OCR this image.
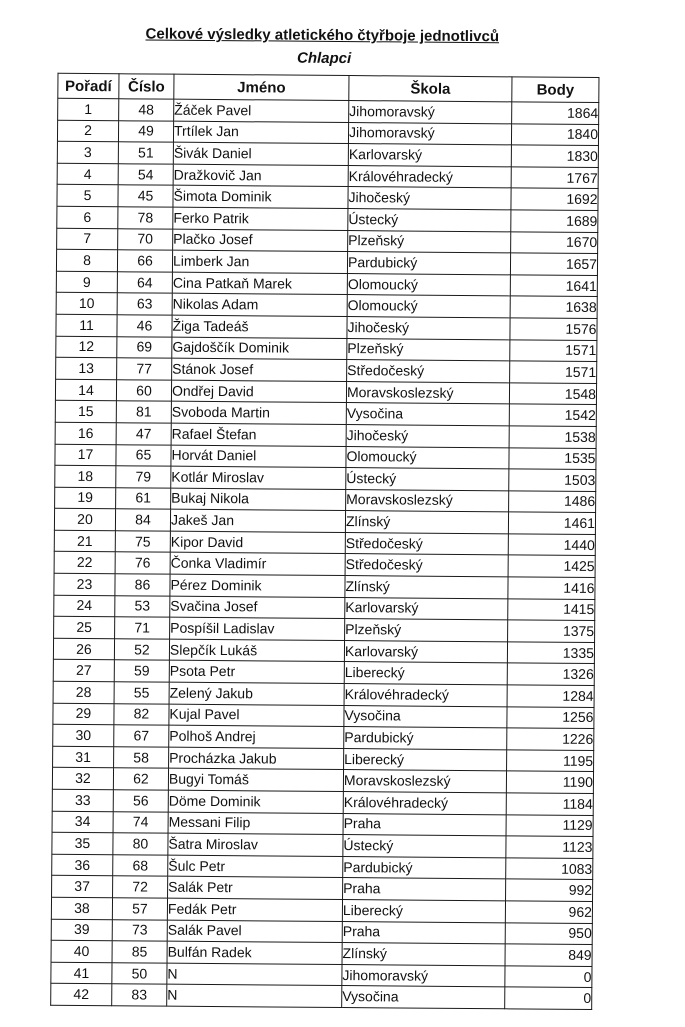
Celkové výsledky atletického čtyřboje jednotlivců
Chlapci
Pořadí	Číslo	Jméno	Škola	Body
1	48	Žáček Pavel	Jihomoravský	1864
2	49	Trtílek Jan	Jihomoravský	1840
3	51	Šivák Daniel	Karlovarský	1830
4	54	Dražkovič Jan	Královéhradecký	1767
5	45	Šimota Dominik	Jihočeský	1692
6	78	Ferko Patrik	Ústecký	1689
7	70	Plačko Josef	Plzeňský	1670
8	66	Limberk Jan	Pardubický	1657
9	64	Cina Patkaň Marek	Olomoucký	1641
10	63	Nikolas Adam	Olomoucký	1638
11	46	Žiga Tadeáš	Jihočeský	1576
12	69	Gajdoščík Dominik	Plzeňský	1571
13	77	Stánok Josef	Středočeský	1571
14	60	Ondřej David	Moravskoslezský	1548
15	81	Svoboda Martin	Vysočina	1542
16	47	Rafael Štefan	Jihočeský	1538
17	65	Horvát Daniel	Olomoucký	1535
18	79	Kotlár Miroslav	Ústecký	1503
19	61	Bukaj Nikola	Moravskoslezský	1486
20	84	Jakeš Jan	Zlínský	1461
21	75	Kipor David	Středočeský	1440
22	76	Čonka Vladimír	Středočeský	1425
23	86	Pérez Dominik	Zlínský	1416
24	53	Svačina Josef	Karlovarský	1415
25	71	Pospíšil Ladislav	Plzeňský	1375
26	52	Slepčík Lukáš	Karlovarský	1335
27	59	Psota Petr	Liberecký	1326
28	55	Zelený Jakub	Královéhradecký	1284
29	82	Kujal Pavel	Vysočina	1256
30	67	Polhoš Andrej	Pardubický	1226
31	58	Procházka Jakub	Liberecký	1195
32	62	Bugyi Tomáš	Moravskoslezský	1190
33	56	Döme Dominik	Královéhradecký	1184
34	74	Messani Filip	Praha	1129
35	80	Šatra Miroslav	Ústecký	1123
36	68	Šulc Petr	Pardubický	1083
37	72	Salák Petr	Praha	992
38	57	Fedák Petr	Liberecký	962
39	73	Salák Pavel	Praha	950
40	85	Bulfán Radek	Zlínský	849
41	50	N	Jihomoravský	0
42	83	N	Vysočina	0
